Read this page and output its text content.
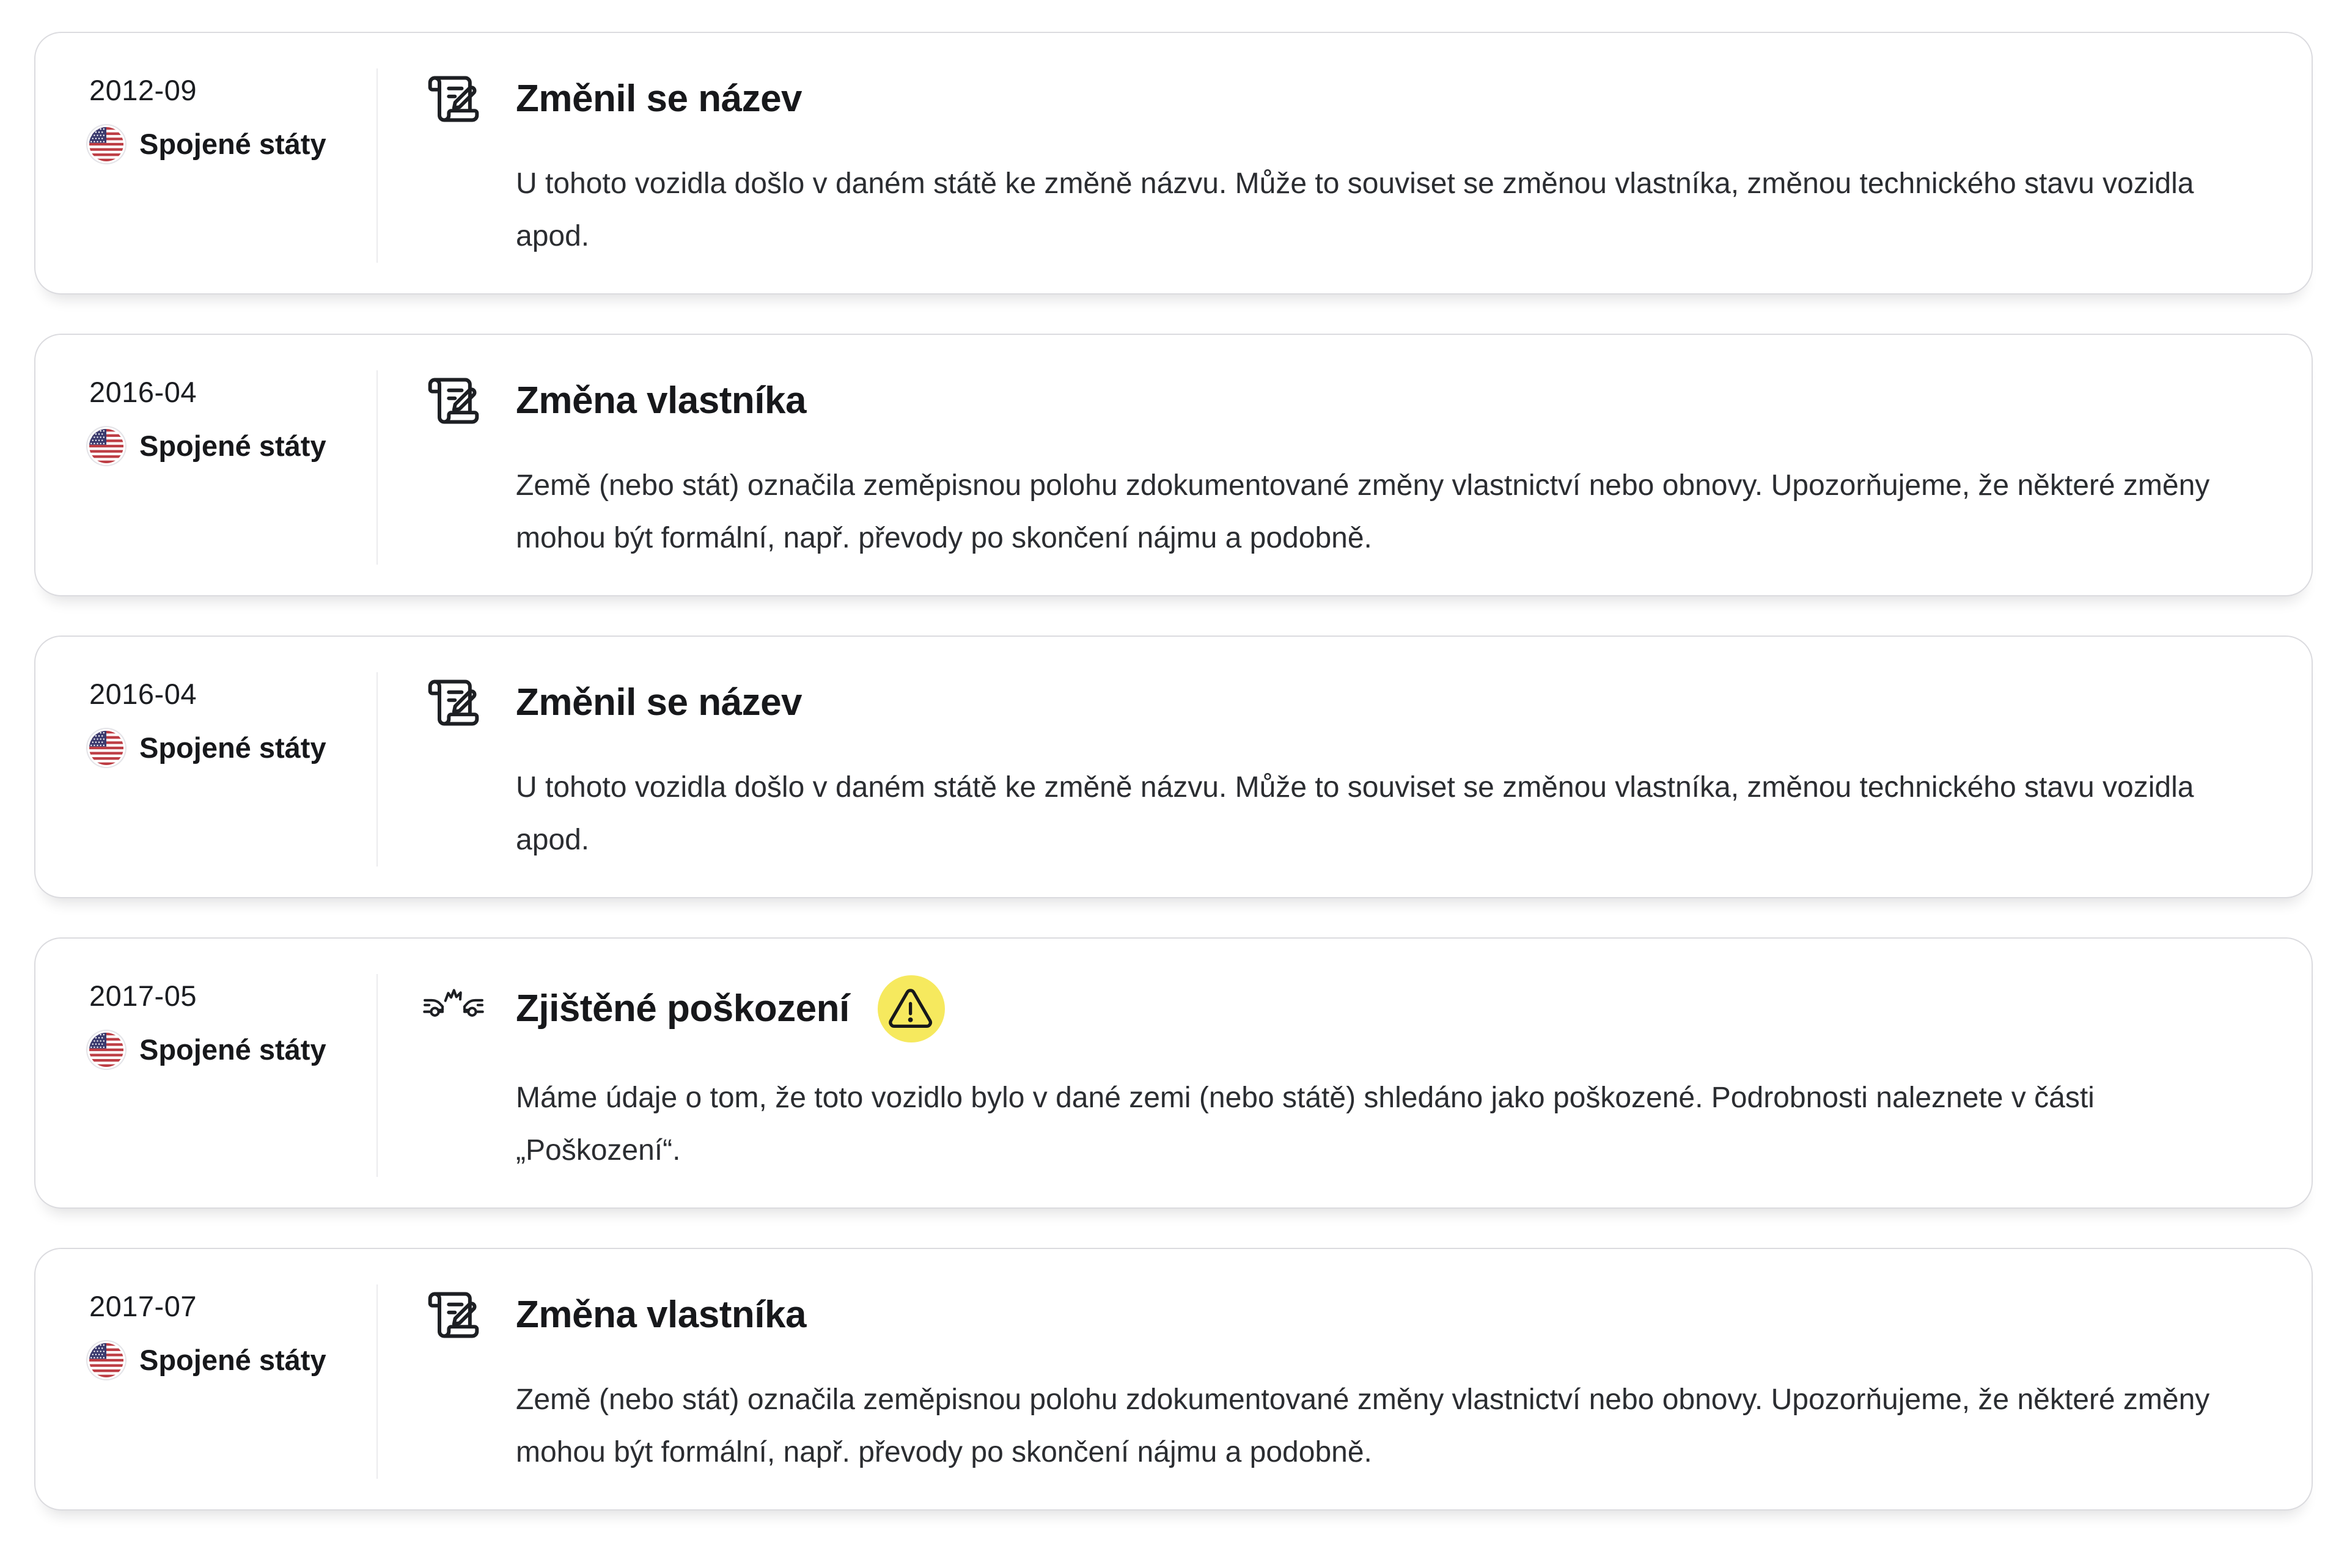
2012-09
Spojené státy
Změnil se název

U tohoto vozidla došlo v daném státě ke změně názvu. Může to souviset se změnou vlastníka, změnou technického stavu vozidla apod.

2016-04
Spojené státy
Změna vlastníka

Země (nebo stát) označila zeměpisnou polohu zdokumentované změny vlastnictví nebo obnovy. Upozorňujeme, že některé změny mohou být formální, např. převody po skončení nájmu a podobně.

2016-04
Spojené státy
Změnil se název

U tohoto vozidla došlo v daném státě ke změně názvu. Může to souviset se změnou vlastníka, změnou technického stavu vozidla apod.

2017-05
Spojené státy
Zjištěné poškození

Máme údaje o tom, že toto vozidlo bylo v dané zemi (nebo státě) shledáno jako poškozené. Podrobnosti naleznete v části „Poškození“.

2017-07
Spojené státy
Změna vlastníka

Země (nebo stát) označila zeměpisnou polohu zdokumentované změny vlastnictví nebo obnovy. Upozorňujeme, že některé změny mohou být formální, např. převody po skončení nájmu a podobně.
